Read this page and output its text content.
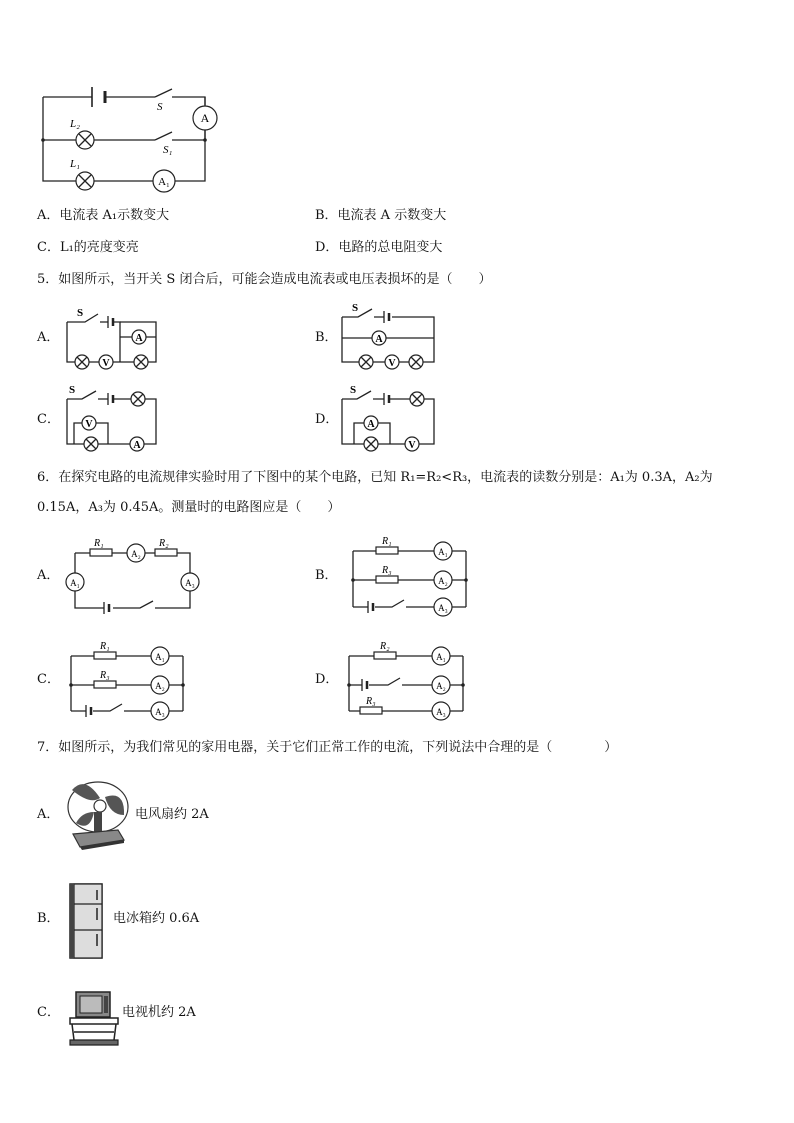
A
A₁
S
S₁
L₂
L₁
A．电流表 A₁示数变大	B．电流表 A 示数变大
C．L₁的亮度变亮	D．电路的总电阻变大
5．如图所示，当开关 S 闭合后，可能会造成电流表或电压表损坏的是（　　）
A．	B．
C．	D．
A
V
S
A
V
S
V
A
S
A
V
S
6．在探究电路的电流规律实验时用了下图中的某个电路，已知 R₁=R₂<R₃，电流表的读数分别是：A₁为 0.3A，A₂为
0.15A，A₃为 0.45A。测量时的电路图应是（　　）
A．	B．
C．	D．
R₁	R₂
A₂
A₁	A₃
R₁
R₃
A₁
A₂
A₃
R₁
R₃
A₁
A₂
A₃
R₂
R₃
A₁
A₂
A₃
7．如图所示，为我们常见的家用电器，关于它们正常工作的电流，下列说法中合理的是（　　　　）
A．	电风扇约 2A
B．	电冰箱约 0.6A
C．	电视机约 2A
